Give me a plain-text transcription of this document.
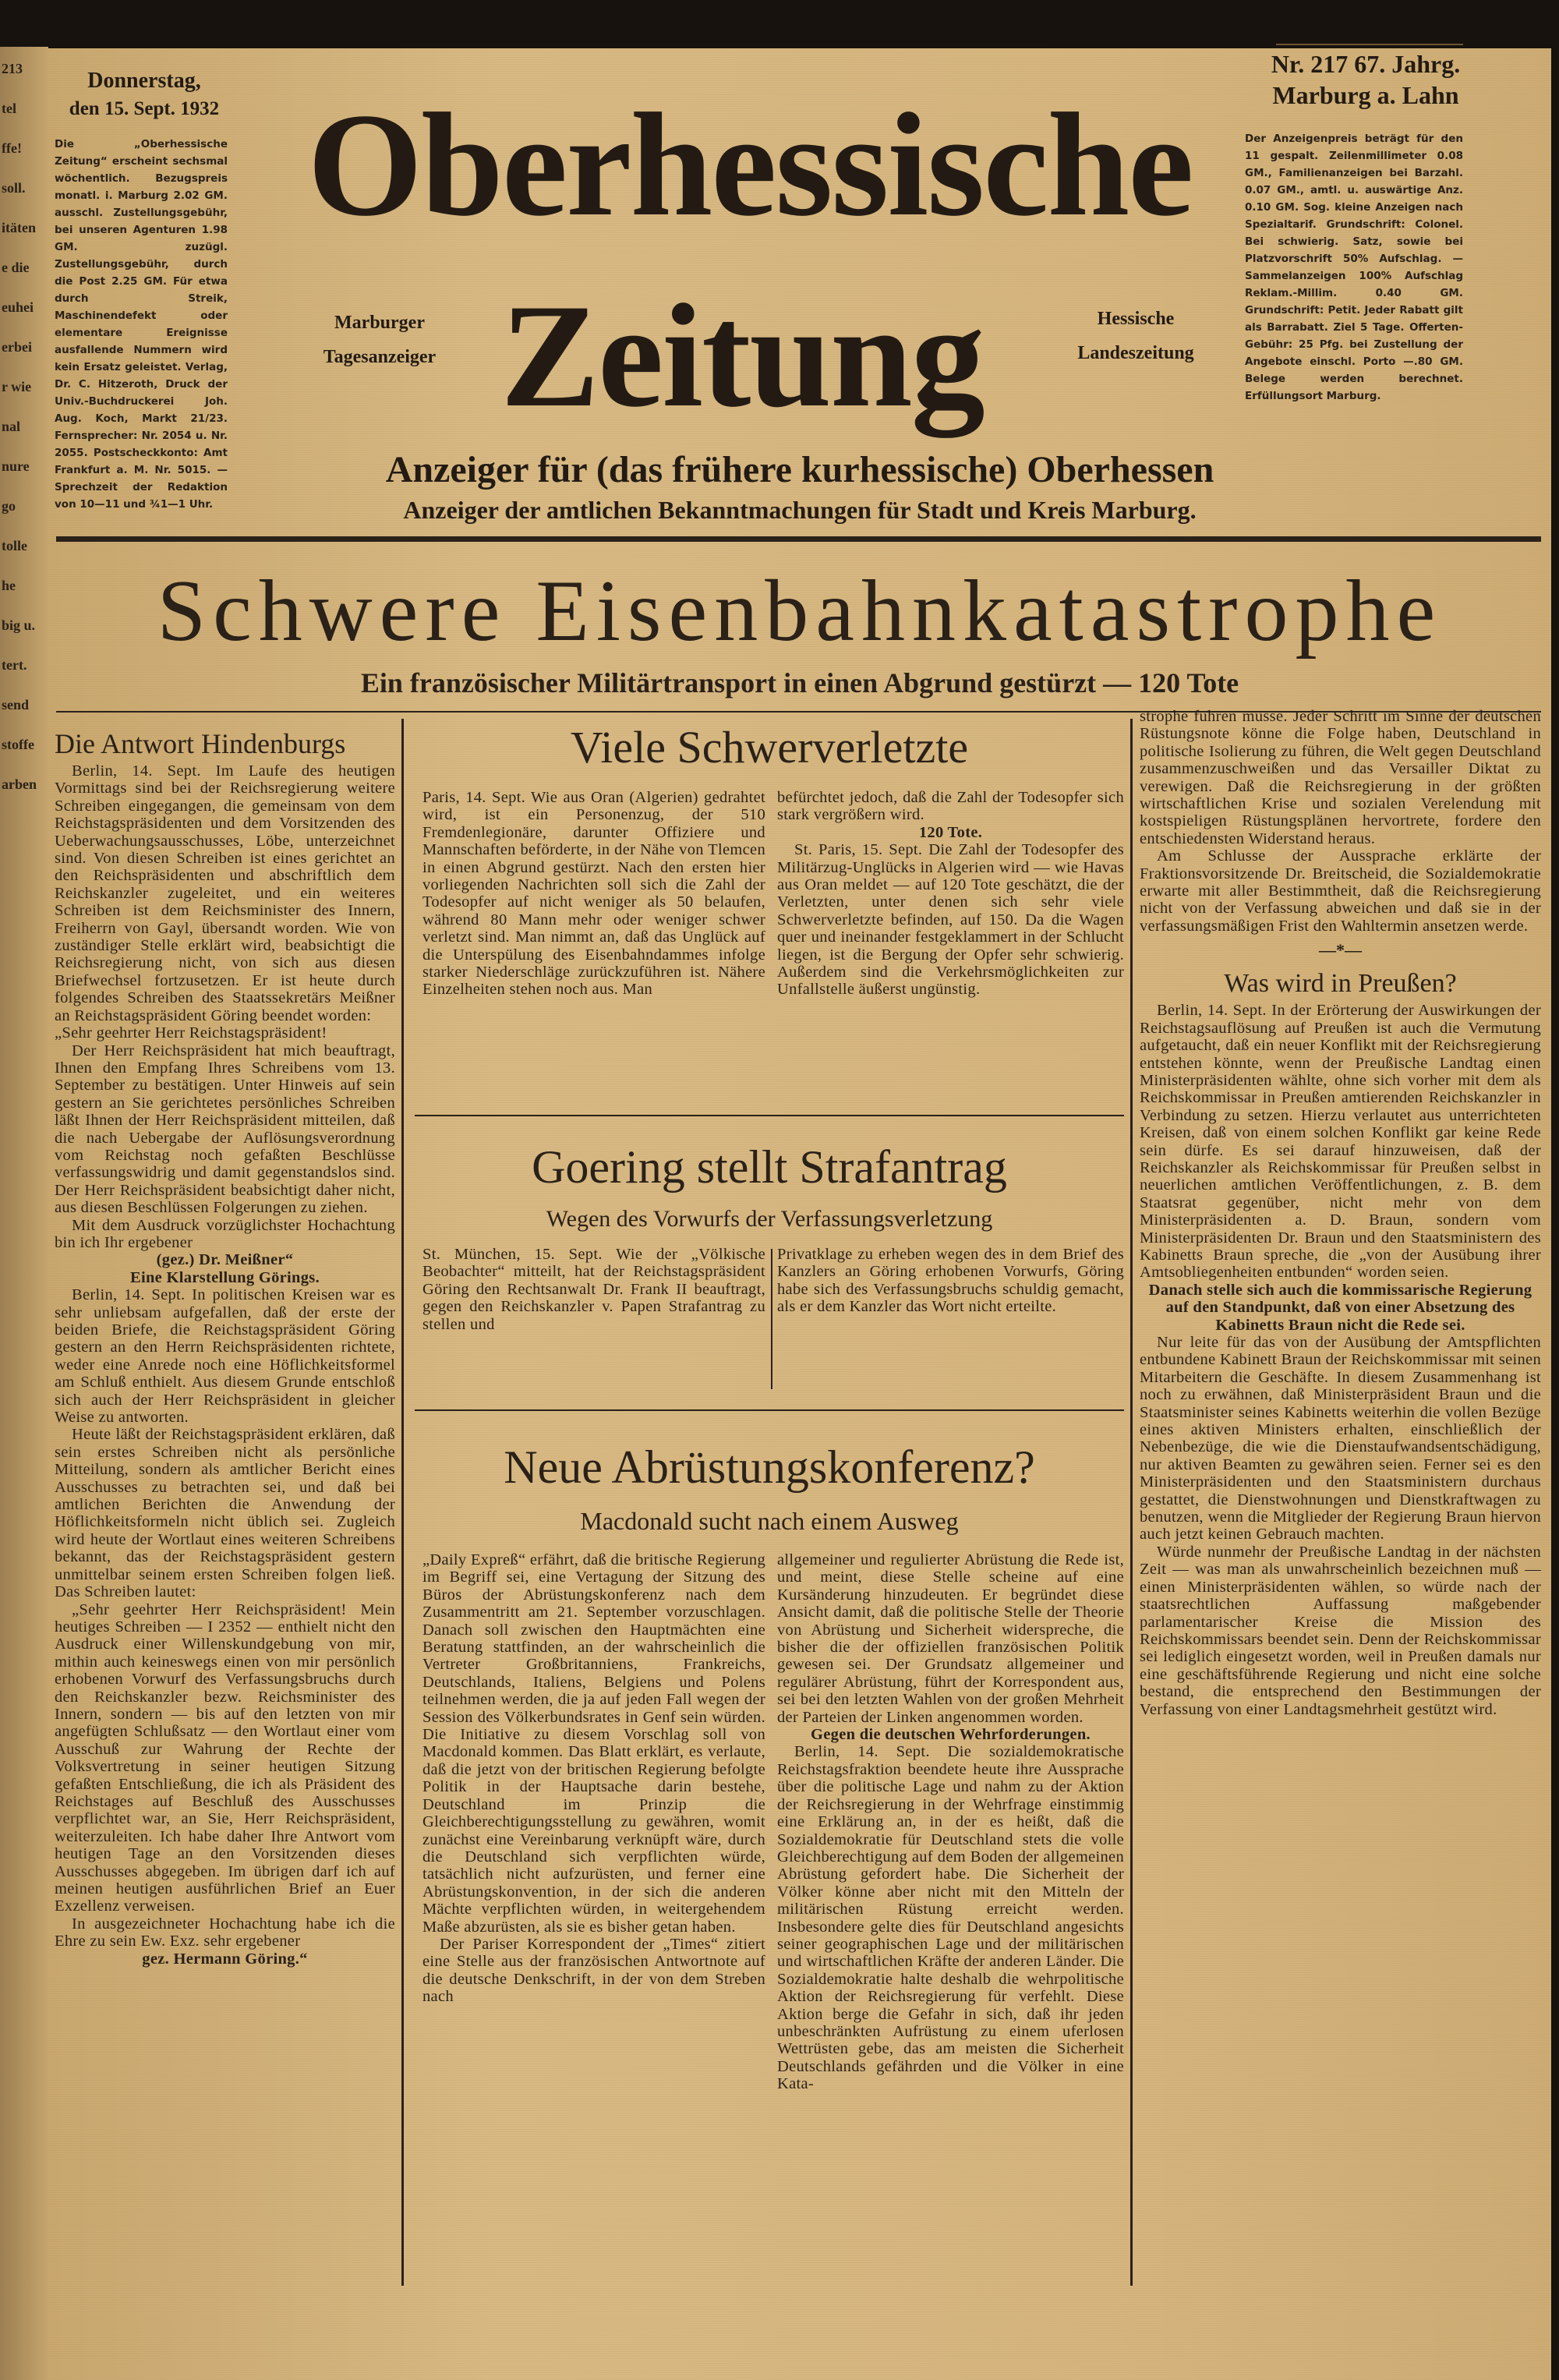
213
tel
ffe!
soll.
itäten
e die
euhei
erbei
r wie
nal
nure
go
tolle
he
big u.
tert.
send
stoffe
arben
Donnerstag,
den 15. Sept. 1932
Die „Oberhessische Zeitung“ erscheint sechsmal wöchentlich. Bezugspreis monatl. i. Marburg 2.02 GM. ausschl. Zustellungsgebühr, bei unseren Agenturen 1.98 GM. zuzügl. Zustellungsgebühr, durch die Post 2.25 GM. Für etwa durch Streik, Maschinendefekt oder elementare Ereignisse ausfallende Nummern wird kein Ersatz geleistet. Verlag, Dr. C. Hitzeroth, Druck der Univ.-Buchdruckerei Joh. Aug. Koch, Markt 21/23. Fernsprecher: Nr. 2054 u. Nr. 2055. Postscheckkonto: Amt Frankfurt a. M. Nr. 5015. — Sprechzeit der Redaktion von 10—11 und ¾1—1 Uhr.
Oberhessische
Zeitung
Marburger
Tagesanzeiger
Hessische
Landeszeitung
Nr. 217 67. Jahrg.
Marburg a. Lahn
Der Anzeigenpreis beträgt für den 11 gespalt. Zeilenmillimeter 0.08 GM., Familienanzeigen bei Barzahl. 0.07 GM., amtl. u. auswärtige Anz. 0.10 GM. Sog. kleine Anzeigen nach Spezialtarif. Grundschrift: Colonel. Bei schwierig. Satz, sowie bei Platzvorschrift 50% Aufschlag. — Sammelanzeigen 100% Aufschlag Reklam.-Millim. 0.40 GM. Grundschrift: Petit. Jeder Rabatt gilt als Barrabatt. Ziel 5 Tage. Offerten-Gebühr: 25 Pfg. bei Zustellung der Angebote einschl. Porto —.80 GM. Belege werden berechnet. Erfüllungsort Marburg.
Anzeiger für (das frühere kurhessische) Oberhessen
Anzeiger der amtlichen Bekanntmachungen für Stadt und Kreis Marburg.
Schwere Eisenbahnkatastrophe
Ein französischer Militärtransport in einen Abgrund gestürzt — 120 Tote
Die Antwort Hindenburgs

Berlin, 14. Sept. Im Laufe des heutigen Vormittags sind bei der Reichsregierung weitere Schreiben eingegangen, die gemeinsam von dem Reichstagspräsidenten und dem Vorsitzenden des Ueberwachungsausschusses, Löbe, unterzeichnet sind. Von diesen Schreiben ist eines gerichtet an den Reichspräsidenten und abschriftlich dem Reichskanzler zugeleitet, und ein weiteres Schreiben ist dem Reichsminister des Innern, Freiherrn von Gayl, übersandt worden. Wie von zuständiger Stelle erklärt wird, beabsichtigt die Reichsregierung nicht, von sich aus diesen Briefwechsel fortzusetzen. Er ist heute durch folgendes Schreiben des Staatssekretärs Meißner an Reichstagspräsident Göring beendet worden:

„Sehr geehrter Herr Reichstagspräsident!

Der Herr Reichspräsident hat mich beauftragt, Ihnen den Empfang Ihres Schreibens vom 13. September zu bestätigen. Unter Hinweis auf sein gestern an Sie gerichtetes persönliches Schreiben läßt Ihnen der Herr Reichspräsident mitteilen, daß die nach Uebergabe der Auflösungsverordnung vom Reichstag noch gefaßten Beschlüsse verfassungswidrig und damit gegenstandslos sind. Der Herr Reichspräsident beabsichtigt daher nicht, aus diesen Beschlüssen Folgerungen zu ziehen.

Mit dem Ausdruck vorzüglichster Hochachtung bin ich Ihr ergebener

(gez.) Dr. Meißner“

Eine Klarstellung Görings.

Berlin, 14. Sept. In politischen Kreisen war es sehr unliebsam aufgefallen, daß der erste der beiden Briefe, die Reichstagspräsident Göring gestern an den Herrn Reichspräsidenten richtete, weder eine Anrede noch eine Höflichkeitsformel am Schluß enthielt. Aus diesem Grunde entschloß sich auch der Herr Reichspräsident in gleicher Weise zu antworten.

Heute läßt der Reichstagspräsident erklären, daß sein erstes Schreiben nicht als persönliche Mitteilung, sondern als amtlicher Bericht eines Ausschusses zu betrachten sei, und daß bei amtlichen Berichten die Anwendung der Höflichkeitsformeln nicht üblich sei. Zugleich wird heute der Wortlaut eines weiteren Schreibens bekannt, das der Reichstagspräsident gestern unmittelbar seinem ersten Schreiben folgen ließ. Das Schreiben lautet:

„Sehr geehrter Herr Reichspräsident! Mein heutiges Schreiben — I 2352 — enthielt nicht den Ausdruck einer Willenskundgebung von mir, mithin auch keineswegs einen von mir persönlich erhobenen Vorwurf des Verfassungsbruchs durch den Reichskanzler bezw. Reichsminister des Innern, sondern — bis auf den letzten von mir angefügten Schlußsatz — den Wortlaut einer vom Ausschuß zur Wahrung der Rechte der Volksvertretung in seiner heutigen Sitzung gefaßten Entschließung, die ich als Präsident des Reichstages auf Beschluß des Ausschusses verpflichtet war, an Sie, Herr Reichspräsident, weiterzuleiten. Ich habe daher Ihre Antwort vom heutigen Tage an den Vorsitzenden dieses Ausschusses abgegeben. Im übrigen darf ich auf meinen heutigen ausführlichen Brief an Euer Exzellenz verweisen.

In ausgezeichneter Hochachtung habe ich die Ehre zu sein Ew. Exz. sehr ergebener

gez. Hermann Göring.“

Viele Schwerverletzte

Paris, 14. Sept. Wie aus Oran (Algerien) gedrahtet wird, ist ein Personenzug, der 510 Fremdenlegionäre, darunter Offiziere und Mannschaften beförderte, in der Nähe von Tlemcen in einen Abgrund gestürzt. Nach den ersten hier vorliegenden Nachrichten soll sich die Zahl der Todesopfer auf nicht weniger als 50 belaufen, während 80 Mann mehr oder weniger schwer verletzt sind. Man nimmt an, daß das Unglück auf die Unterspülung des Eisenbahndammes infolge starker Niederschläge zurückzuführen ist. Nähere Einzelheiten stehen noch aus. Man

befürchtet jedoch, daß die Zahl der Todesopfer sich stark vergrößern wird.

120 Tote.

St. Paris, 15. Sept. Die Zahl der Todesopfer des Militärzug-Unglücks in Algerien wird — wie Havas aus Oran meldet — auf 120 Tote geschätzt, die der Verletzten, unter denen sich sehr viele Schwerverletzte befinden, auf 150. Da die Wagen quer und ineinander festgeklammert in der Schlucht liegen, ist die Bergung der Opfer sehr schwierig. Außerdem sind die Verkehrsmöglichkeiten zur Unfallstelle äußerst ungünstig.

Goering stellt Strafantrag
Wegen des Vorwurfs der Verfassungsverletzung

St. München, 15. Sept. Wie der „Völkische Beobachter“ mitteilt, hat der Reichstagspräsident Göring den Rechtsanwalt Dr. Frank II beauftragt, gegen den Reichskanzler v. Papen Strafantrag zu stellen und

Privatklage zu erheben wegen des in dem Brief des Kanzlers an Göring erhobenen Vorwurfs, Göring habe sich des Verfassungsbruchs schuldig gemacht, als er dem Kanzler das Wort nicht erteilte.

Neue Abrüstungskonferenz?
Macdonald sucht nach einem Ausweg

„Daily Expreß“ erfährt, daß die britische Regierung im Begriff sei, eine Vertagung der Sitzung des Büros der Abrüstungskonferenz nach dem Zusammentritt am 21. September vorzuschlagen. Danach soll zwischen den Hauptmächten eine Beratung stattfinden, an der wahrscheinlich die Vertreter Großbritanniens, Frankreichs, Deutschlands, Italiens, Belgiens und Polens teilnehmen werden, die ja auf jeden Fall wegen der Session des Völkerbundsrates in Genf sein würden. Die Initiative zu diesem Vorschlag soll von Macdonald kommen. Das Blatt erklärt, es verlaute, daß die jetzt von der britischen Regierung befolgte Politik in der Hauptsache darin bestehe, Deutschland im Prinzip die Gleichberechtigungsstellung zu gewähren, womit zunächst eine Vereinbarung verknüpft wäre, durch die Deutschland sich verpflichten würde, tatsächlich nicht aufzurüsten, und ferner eine Abrüstungskonvention, in der sich die anderen Mächte verpflichten würden, in weitergehendem Maße abzurüsten, als sie es bisher getan haben.

Der Pariser Korrespondent der „Times“ zitiert eine Stelle aus der französischen Antwortnote auf die deutsche Denkschrift, in der von dem Streben nach

allgemeiner und regulierter Abrüstung die Rede ist, und meint, diese Stelle scheine auf eine Kursänderung hinzudeuten. Er begründet diese Ansicht damit, daß die politische Stelle der Theorie von Abrüstung und Sicherheit widerspreche, die bisher die der offiziellen französischen Politik gewesen sei. Der Grundsatz allgemeiner und regulärer Abrüstung, führt der Korrespondent aus, sei bei den letzten Wahlen von der großen Mehrheit der Parteien der Linken angenommen worden.

Gegen die deutschen Wehrforderungen.

Berlin, 14. Sept. Die sozialdemokratische Reichstagsfraktion beendete heute ihre Aussprache über die politische Lage und nahm zu der Aktion der Reichsregierung in der Wehrfrage einstimmig eine Erklärung an, in der es heißt, daß die Sozialdemokratie für Deutschland stets die volle Gleichberechtigung auf dem Boden der allgemeinen Abrüstung gefordert habe. Die Sicherheit der Völker könne aber nicht mit den Mitteln der militärischen Rüstung erreicht werden. Insbesondere gelte dies für Deutschland angesichts seiner geographischen Lage und der militärischen und wirtschaftlichen Kräfte der anderen Länder. Die Sozialdemokratie halte deshalb die wehrpolitische Aktion der Reichsregierung für verfehlt. Diese Aktion berge die Gefahr in sich, daß ihr jeden unbeschränkten Aufrüstung zu einem uferlosen Wettrüsten gebe, das am meisten die Sicherheit Deutschlands gefährden und die Völker in eine Kata-

strophe führen müsse. Jeder Schritt im Sinne der deutschen Rüstungsnote könne die Folge haben, Deutschland in politische Isolierung zu führen, die Welt gegen Deutschland zusammenzuschweißen und das Versailler Diktat zu verewigen. Daß die Reichsregierung in der größten wirtschaftlichen Krise und sozialen Verelendung mit kostspieligen Rüstungsplänen hervortrete, fordere den entschiedensten Widerstand heraus.

Am Schlusse der Aussprache erklärte der Fraktionsvorsitzende Dr. Breitscheid, die Sozialdemokratie erwarte mit aller Bestimmtheit, daß die Reichsregierung nicht von der Verfassung abweichen und daß sie in der verfassungsmäßigen Frist den Wahltermin ansetzen werde.

—*—
Was wird in Preußen?

Berlin, 14. Sept. In der Erörterung der Auswirkungen der Reichstagsauflösung auf Preußen ist auch die Vermutung aufgetaucht, daß ein neuer Konflikt mit der Reichsregierung entstehen könnte, wenn der Preußische Landtag einen Ministerpräsidenten wählte, ohne sich vorher mit dem als Reichskommissar in Preußen amtierenden Reichskanzler in Verbindung zu setzen. Hierzu verlautet aus unterrichteten Kreisen, daß von einem solchen Konflikt gar keine Rede sein dürfe. Es sei darauf hinzuweisen, daß der Reichskanzler als Reichskommissar für Preußen selbst in neuerlichen amtlichen Veröffentlichungen, z. B. dem Staatsrat gegenüber, nicht mehr von dem Ministerpräsidenten a. D. Braun, sondern vom Ministerpräsidenten Dr. Braun und den Staatsministern des Kabinetts Braun spreche, die „von der Ausübung ihrer Amtsobliegenheiten entbunden“ worden seien.

Danach stelle sich auch die kommissarische Regierung auf den Standpunkt, daß von einer Absetzung des Kabinetts Braun nicht die Rede sei.

Nur leite für das von der Ausübung der Amtspflichten entbundene Kabinett Braun der Reichskommissar mit seinen Mitarbeitern die Geschäfte. In diesem Zusammenhang ist noch zu erwähnen, daß Ministerpräsident Braun und die Staatsminister seines Kabinetts weiterhin die vollen Bezüge eines aktiven Ministers erhalten, einschließlich der Nebenbezüge, die wie die Dienstaufwandsentschädigung, nur aktiven Beamten zu gewähren seien. Ferner sei es den Ministerpräsidenten und den Staatsministern durchaus gestattet, die Dienstwohnungen und Dienstkraftwagen zu benutzen, wenn die Mitglieder der Regierung Braun hiervon auch jetzt keinen Gebrauch machten.

Würde nunmehr der Preußische Landtag in der nächsten Zeit — was man als unwahrscheinlich bezeichnen muß — einen Ministerpräsidenten wählen, so würde nach der staatsrechtlichen Auffassung maßgebender parlamentarischer Kreise die Mission des Reichskommissars beendet sein. Denn der Reichskommissar sei lediglich eingesetzt worden, weil in Preußen damals nur eine geschäftsführende Regierung und nicht eine solche bestand, die entsprechend den Bestimmungen der Verfassung von einer Landtagsmehrheit gestützt wird.
